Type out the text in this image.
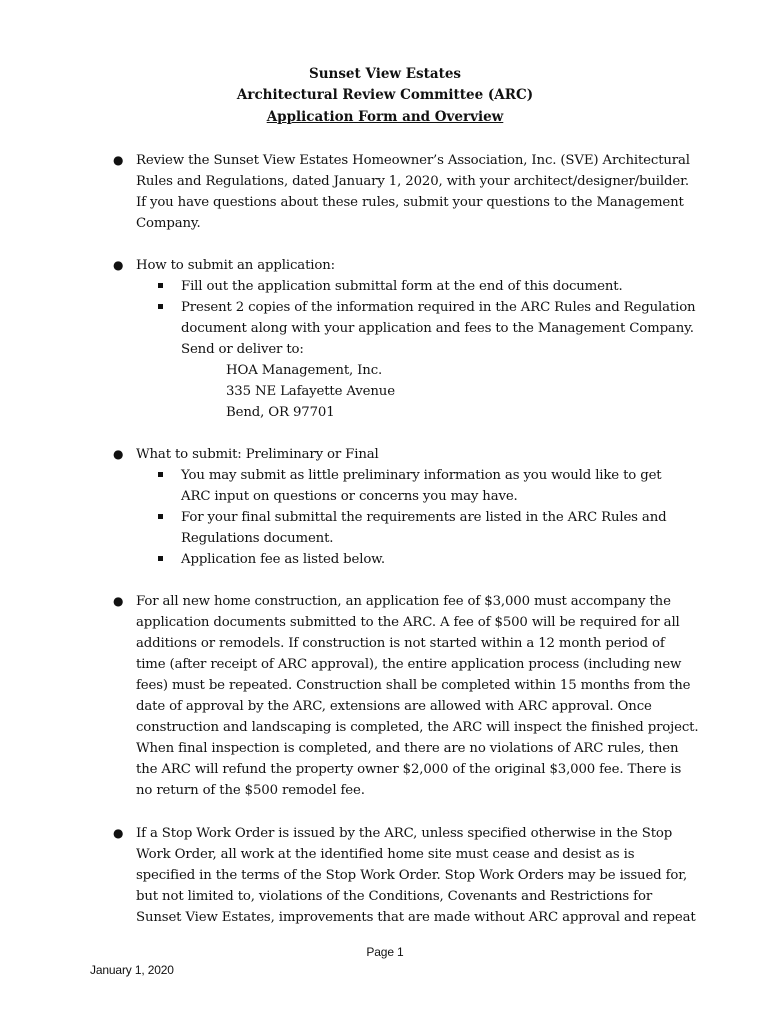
Sunset View Estates
Architectural Review Committee (ARC)
Application Form and Overview
● Review the Sunset View Estates Homeowner’s Association, Inc. (SVE) Architectural
Rules and Regulations, dated January 1, 2020, with your architect/designer/builder.
If you have questions about these rules, submit your questions to the Management
Company.
● How to submit an application:
Fill out the application submittal form at the end of this document.
Present 2 copies of the information required in the ARC Rules and Regulation
document along with your application and fees to the Management Company.
Send or deliver to:
HOA Management, Inc.
335 NE Lafayette Avenue
Bend, OR 97701
● What to submit: Preliminary or Final
You may submit as little preliminary information as you would like to get
ARC input on questions or concerns you may have.
For your final submittal the requirements are listed in the ARC Rules and
Regulations document.
Application fee as listed below.
● For all new home construction, an application fee of $3,000 must accompany the
application documents submitted to the ARC. A fee of $500 will be required for all
additions or remodels. If construction is not started within a 12 month period of
time (after receipt of ARC approval), the entire application process (including new
fees) must be repeated. Construction shall be completed within 15 months from the
date of approval by the ARC, extensions are allowed with ARC approval. Once
construction and landscaping is completed, the ARC will inspect the finished project.
When final inspection is completed, and there are no violations of ARC rules, then
the ARC will refund the property owner $2,000 of the original $3,000 fee. There is
no return of the $500 remodel fee.
● If a Stop Work Order is issued by the ARC, unless specified otherwise in the Stop
Work Order, all work at the identified home site must cease and desist as is
specified in the terms of the Stop Work Order. Stop Work Orders may be issued for,
but not limited to, violations of the Conditions, Covenants and Restrictions for
Sunset View Estates, improvements that are made without ARC approval and repeat
Page 1
January 1, 2020
